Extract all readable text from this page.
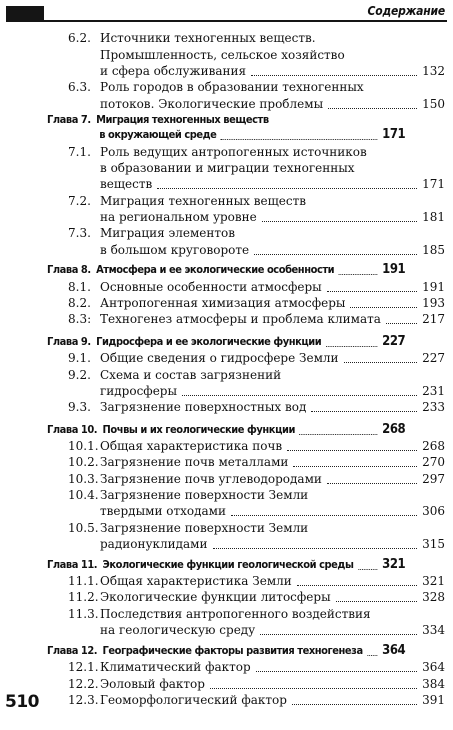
Содержание
6.2. Источники техногенных веществ.
Промышленность, сельское хозяйство
и сфера обслуживания	132
6.3. Роль городов в образовании техногенных
потоков. Экологические проблемы	150
Глава 7. Миграция техногенных веществ
в окружающей среде	171
7.1. Роль ведущих антропогенных источников
в образовании и миграции техногенных
веществ	171
7.2. Миграция техногенных веществ
на региональном уровне	181
7.3. Миграция элементов
в большом круговороте	185
Глава 8. Атмосфера и ее экологические особенности	191
8.1. Основные особенности атмосферы	191
8.2. Антропогенная химизация атмосферы	193
8.3: Техногенез атмосферы и проблема климата	217
Глава 9. Гидросфера и ее экологические функции	227
9.1. Общие сведения о гидросфере Земли	227
9.2. Схема и состав загрязнений
гидросферы	231
9.3. Загрязнение поверхностных вод	233
Глава 10. Почвы и их геологические функции	268
10.1. Общая характеристика почв	268
10.2. Загрязнение почв металлами	270
10.3. Загрязнение почв углеводородами	297
10.4. Загрязнение поверхности Земли
твердыми отходами	306
10.5. Загрязнение поверхности Земли
радионуклидами	315
Глава 11. Экологические функции геологической среды 321
11.1. Общая характеристика Земли	321
11.2. Экологические функции литосферы	328
11.3. Последствия антропогенного воздействия
на геологическую среду	334
Глава 12. Географические факторы развития техногенеза 364
12.1. Климатический фактор	364
12.2. Эоловый фактор	384
12.3. Геоморфологический фактор	391
510
